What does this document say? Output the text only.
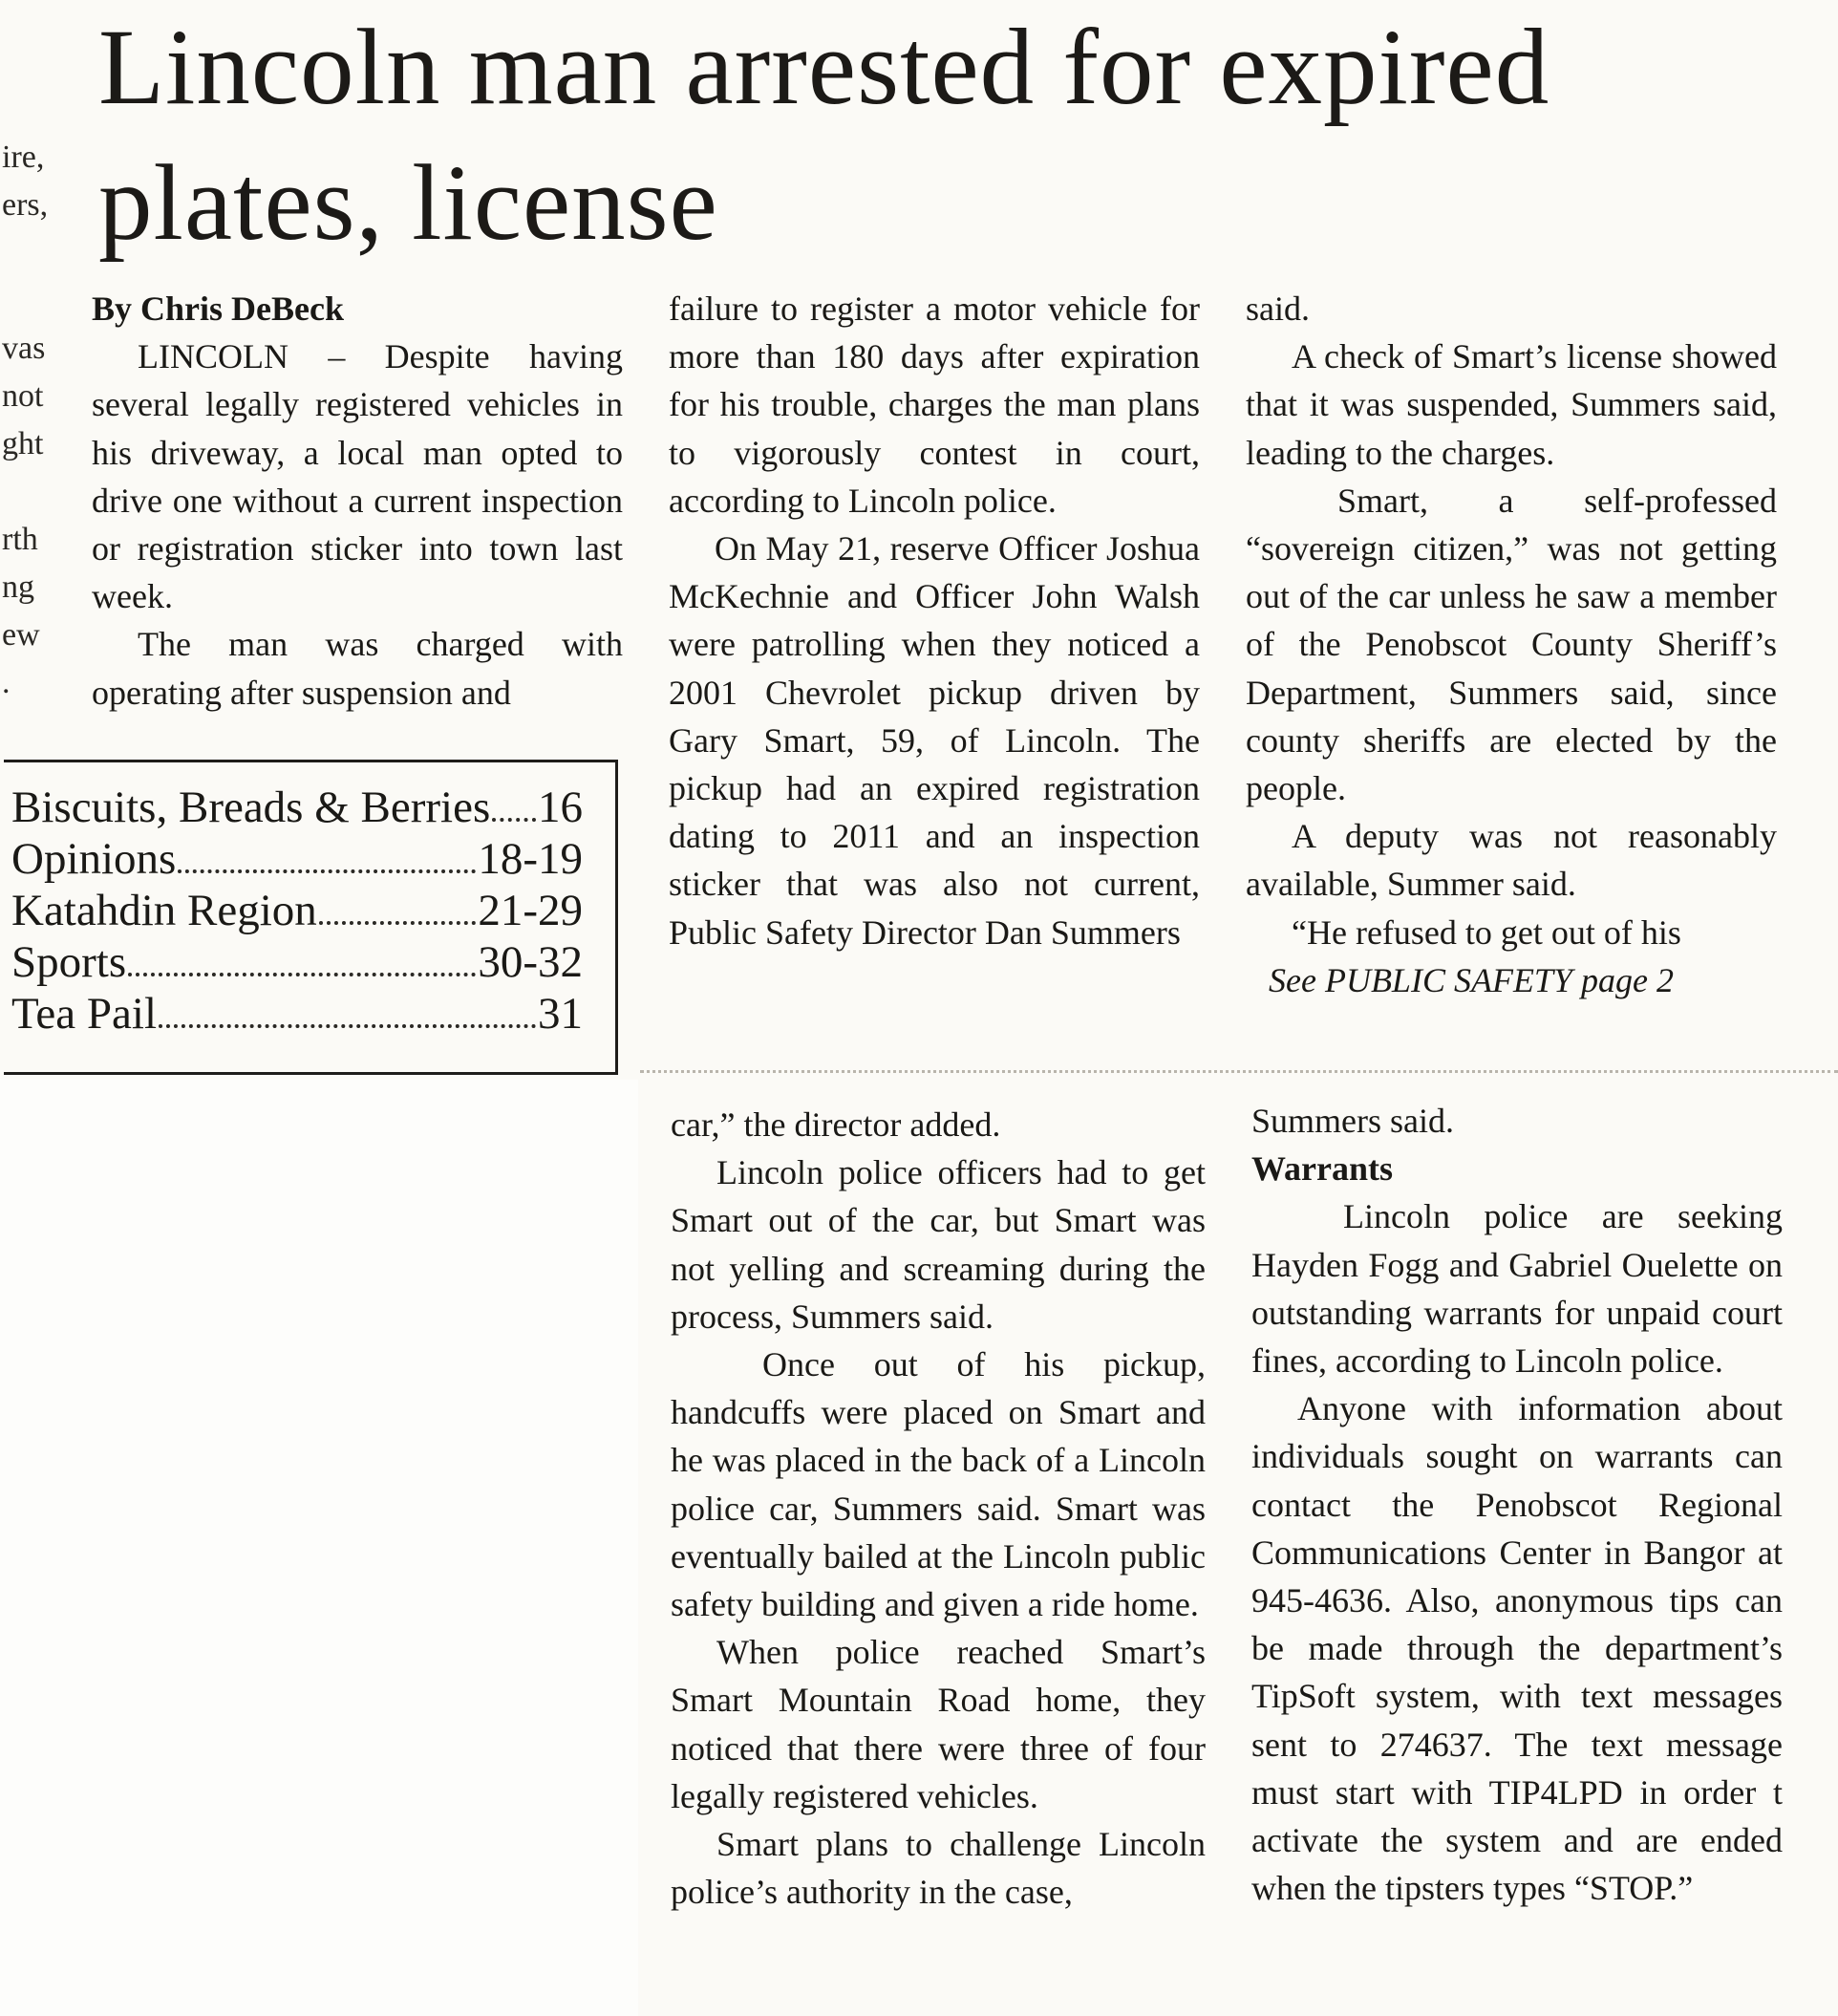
Lincoln man arrested for expired
plates, license
ire,
ers,
vas
not
ght
rth
ng
ew
.

By Chris DeBeck

LINCOLN – Despite having several legally registered vehicles in his driveway, a local man opted to drive one without a current inspection or registration sticker into town last week.

The man was charged with operating after suspension and

Biscuits, Breads & Berries 16
Opinions	18-19
Katahdin Region	21-29
Sports	30-32
Tea Pail	31

failure to register a motor vehicle for more than 180 days after expiration for his trouble, charges the man plans to vigorously contest in court, according to Lincoln police.

On May 21, reserve Officer Joshua McKechnie and Officer John Walsh were patrolling when they noticed a 2001 Chevrolet pickup driven by Gary Smart, 59, of Lincoln. The pickup had an expired registration dating to 2011 and an inspection sticker that was also not current, Public Safety Director Dan Summers

said.

A check of Smart’s license showed that it was suspended, Summers said, leading to the charges.

Smart, a self-professed “sovereign citizen,” was not getting out of the car unless he saw a member of the Penobscot County Sheriff’s Department, Summers said, since county sheriffs are elected by the people.

A deputy was not reasonably available, Summer said.

“He refused to get out of his

See PUBLIC SAFETY page 2

car,” the director added.

Lincoln police officers had to get Smart out of the car, but Smart was not yelling and screaming during the process, Summers said.

Once out of his pickup, handcuffs were placed on Smart and he was placed in the back of a Lincoln police car, Summers said. Smart was eventually bailed at the Lincoln public safety building and given a ride home.

When police reached Smart’s Smart Mountain Road home, they noticed that there were three of four legally registered vehicles.

Smart plans to challenge Lincoln police’s authority in the case,

Summers said.

Warrants

Lincoln police are seeking Hayden Fogg and Gabriel Ouelette on outstanding warrants for unpaid court fines, according to Lincoln police.

Anyone with information about individuals sought on warrants can contact the Penobscot Regional Communications Center in Bangor at 945-4636. Also, anonymous tips can be made through the department’s TipSoft system, with text messages sent to 274637. The text message must start with TIP4LPD in order t activate the system and are ended when the tipsters types “STOP.”
